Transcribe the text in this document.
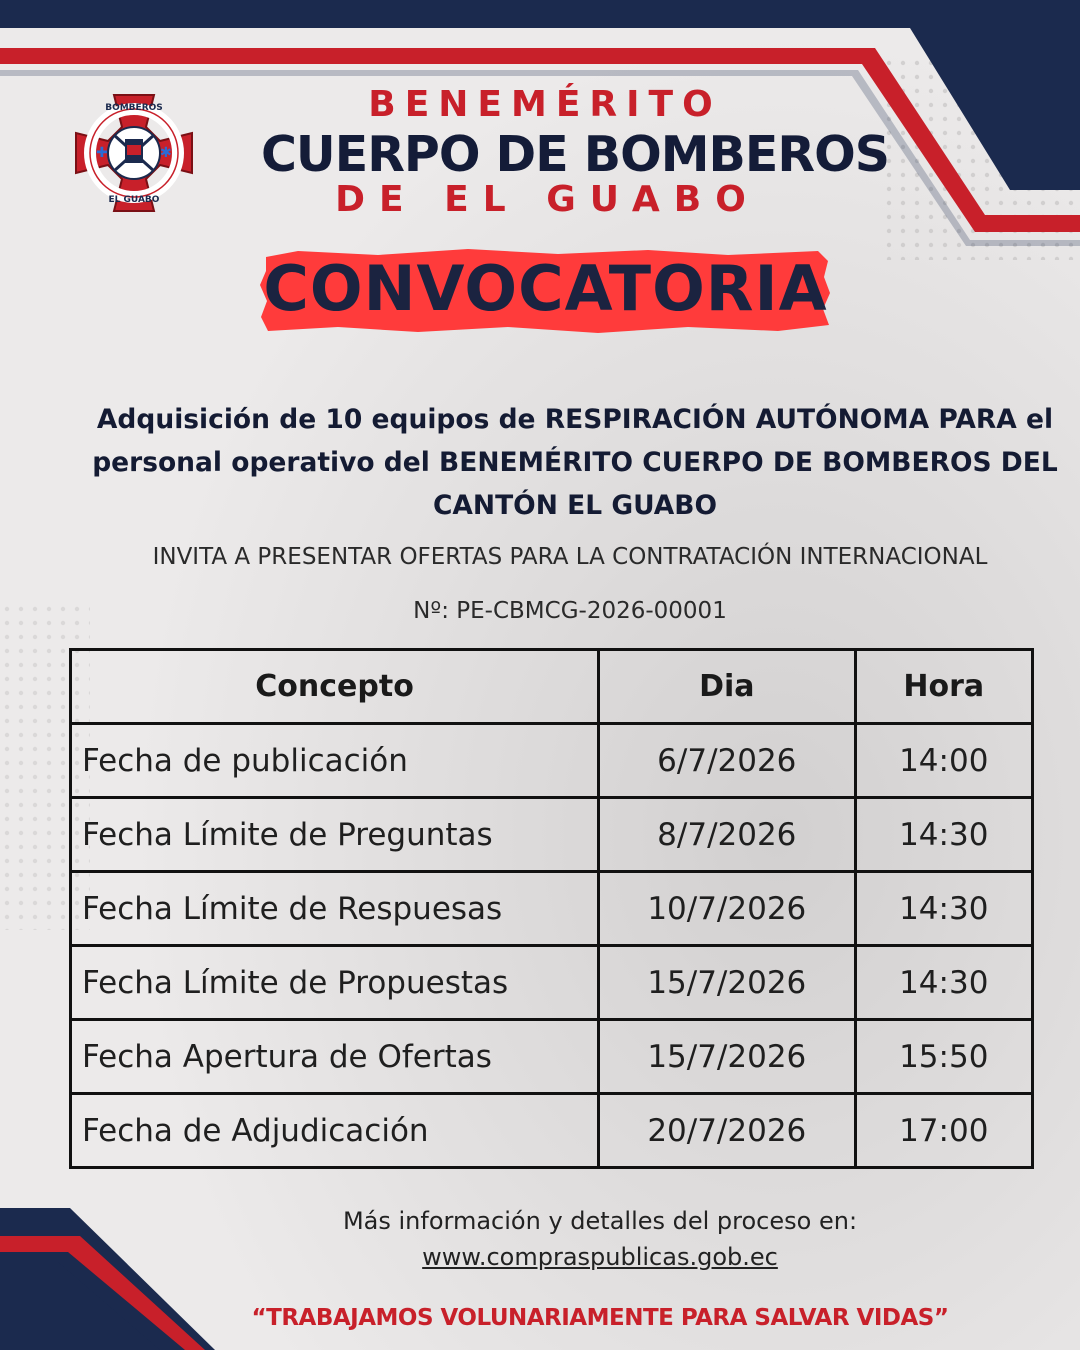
✚	✱
BOMBEROS
EL GUABO
BENEMÉRITO
CUERPO DE BOMBEROS
DE EL GUABO
CONVOCATORIA
Adquisición de 10 equipos de RESPIRACIÓN AUTÓNOMA PARA el personal operativo del BENEMÉRITO CUERPO DE BOMBEROS DEL CANTÓN EL GUABO
INVITA A PRESENTAR OFERTAS PARA LA CONTRATACIÓN INTERNACIONAL
Nº: PE-CBMCG-2026-00001
Concepto	Dia	Hora
Fecha de publicación	6/7/2026	14:00
Fecha Límite de Preguntas	8/7/2026	14:30
Fecha Límite de Respuesas	10/7/2026	14:30
Fecha Límite de Propuestas	15/7/2026	14:30
Fecha Apertura de Ofertas	15/7/2026	15:50
Fecha de Adjudicación	20/7/2026	17:00
Más información y detalles del proceso en:
www.compraspublicas.gob.ec
“TRABAJAMOS VOLUNARIAMENTE PARA SALVAR VIDAS”
